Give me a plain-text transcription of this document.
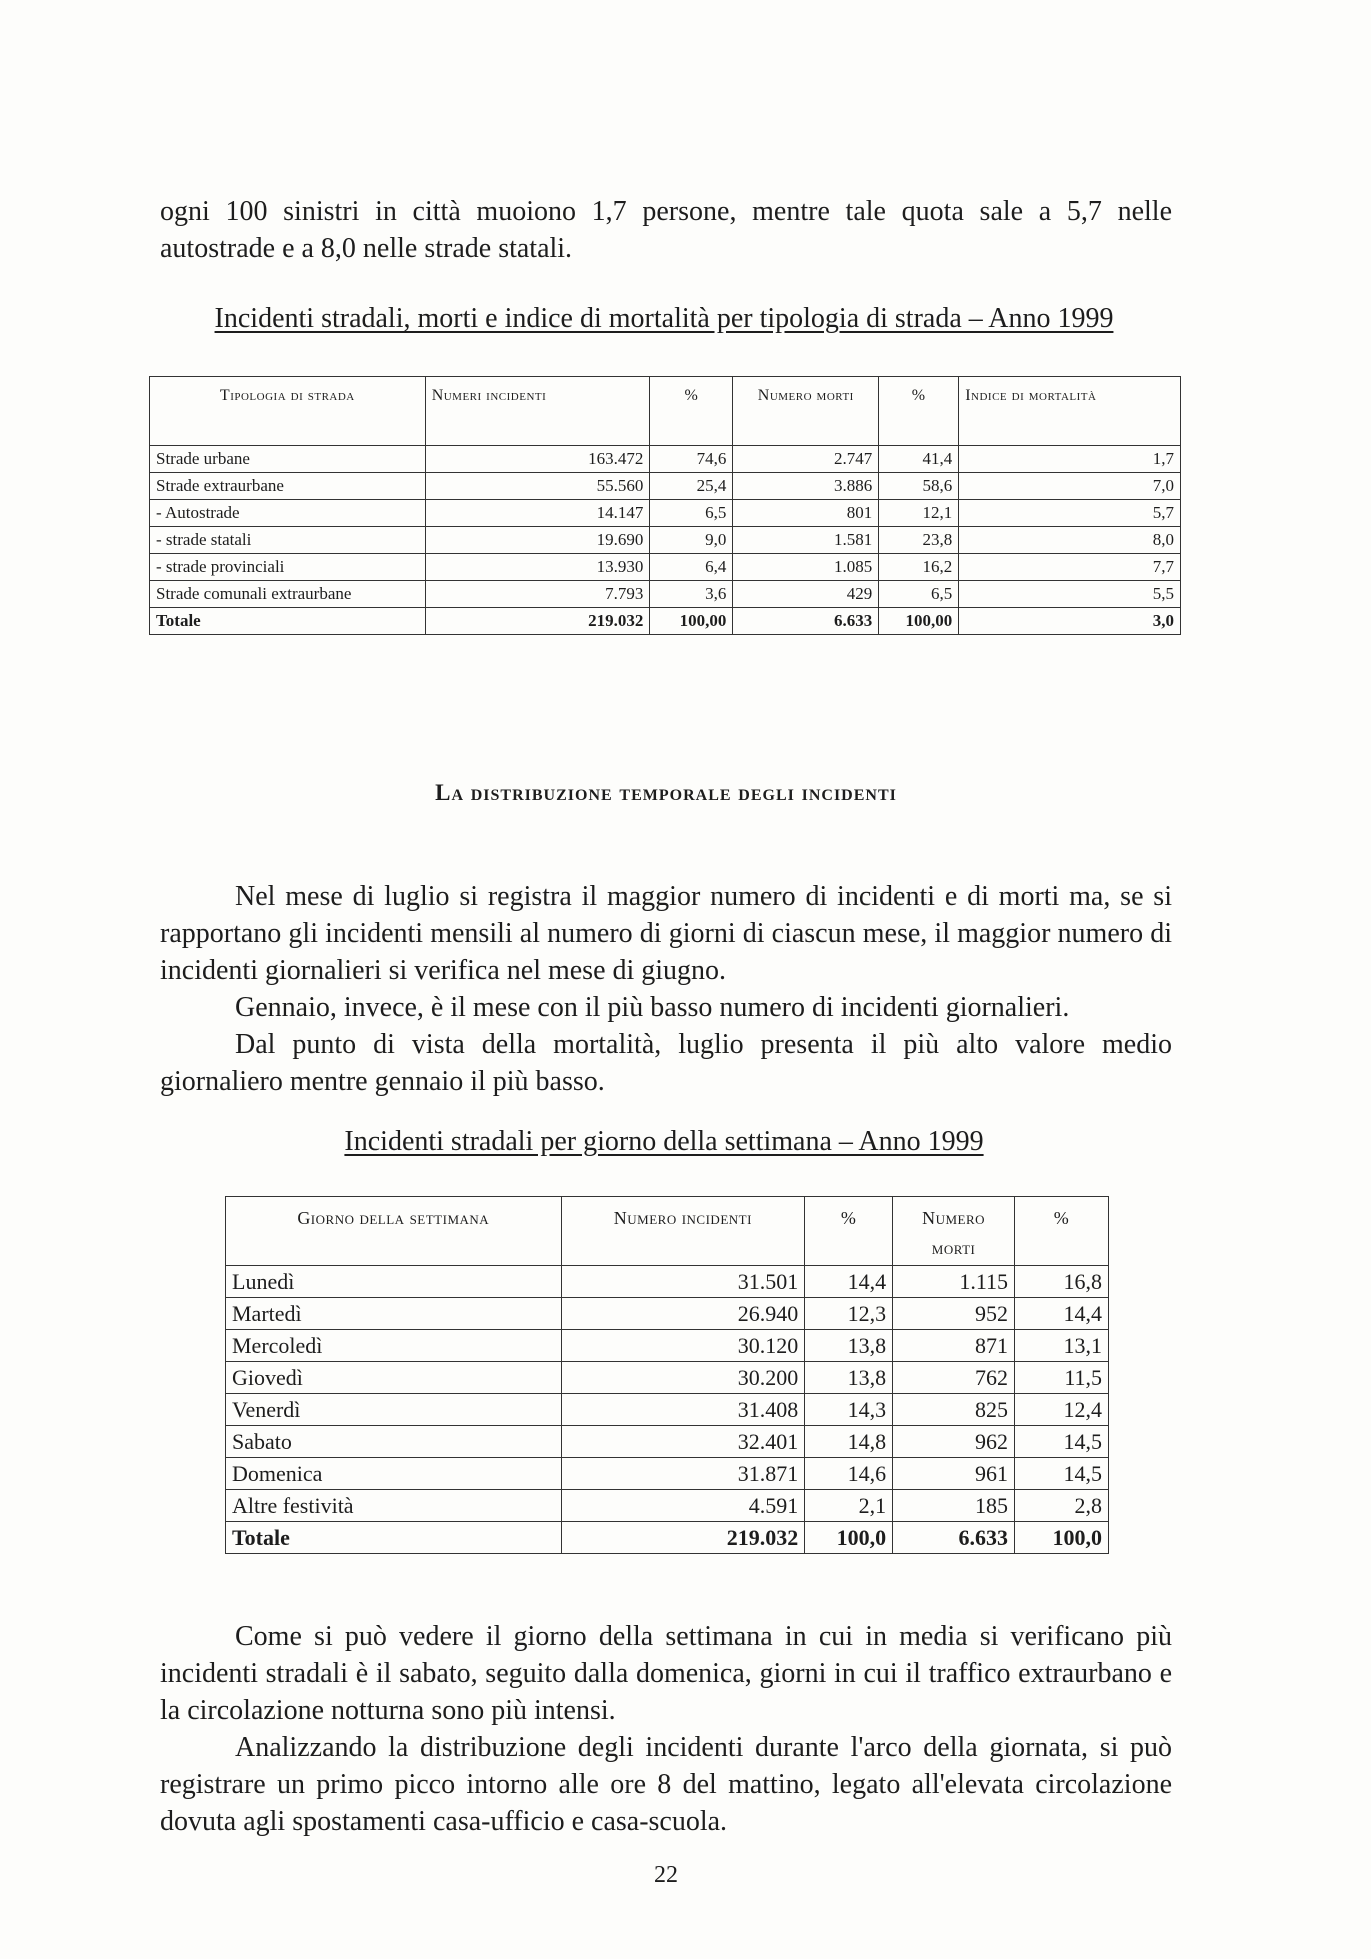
ogni 100 sinistri in città muoiono 1,7 persone, mentre tale quota sale a 5,7 nelle autostrade e a 8,0 nelle strade statali.

Incidenti stradali, morti e indice di mortalità per tipologia di strada – Anno 1999

Tipologia di strada	Numeri incidenti	%	Numero morti	%	Indice di mortalità
Strade urbane	163.472	74,6	2.747	41,4	1,7
Strade extraurbane	55.560	25,4	3.886	58,6	7,0
- Autostrade	14.147	6,5	801	12,1	5,7
- strade statali	19.690	9,0	1.581	23,8	8,0
- strade provinciali	13.930	6,4	1.085	16,2	7,7
Strade comunali extraurbane	7.793	3,6	429	6,5	5,5
Totale	219.032	100,00	6.633	100,00	3,0

La distribuzione temporale degli incidenti

Nel mese di luglio si registra il maggior numero di incidenti e di morti ma, se si rapportano gli incidenti mensili al numero di giorni di ciascun mese, il maggior numero di incidenti giornalieri si verifica nel mese di giugno.

Gennaio, invece, è il mese con il più basso numero di incidenti giornalieri.

Dal punto di vista della mortalità, luglio presenta il più alto valore medio giornaliero mentre gennaio il più basso.

Incidenti stradali per giorno della settimana – Anno 1999

Giorno della settimana	Numero incidenti	%	Numero morti	%
Lunedì	31.501	14,4	1.115	16,8
Martedì	26.940	12,3	952	14,4
Mercoledì	30.120	13,8	871	13,1
Giovedì	30.200	13,8	762	11,5
Venerdì	31.408	14,3	825	12,4
Sabato	32.401	14,8	962	14,5
Domenica	31.871	14,6	961	14,5
Altre festività	4.591	2,1	185	2,8
Totale	219.032	100,0	6.633	100,0

Come si può vedere il giorno della settimana in cui in media si verificano più incidenti stradali è il sabato, seguito dalla domenica, giorni in cui il traffico extraurbano e la circolazione notturna sono più intensi.

Analizzando la distribuzione degli incidenti durante l'arco della giornata, si può registrare un primo picco intorno alle ore 8 del mattino, legato all'elevata circolazione dovuta agli spostamenti casa-ufficio e casa-scuola.

22
